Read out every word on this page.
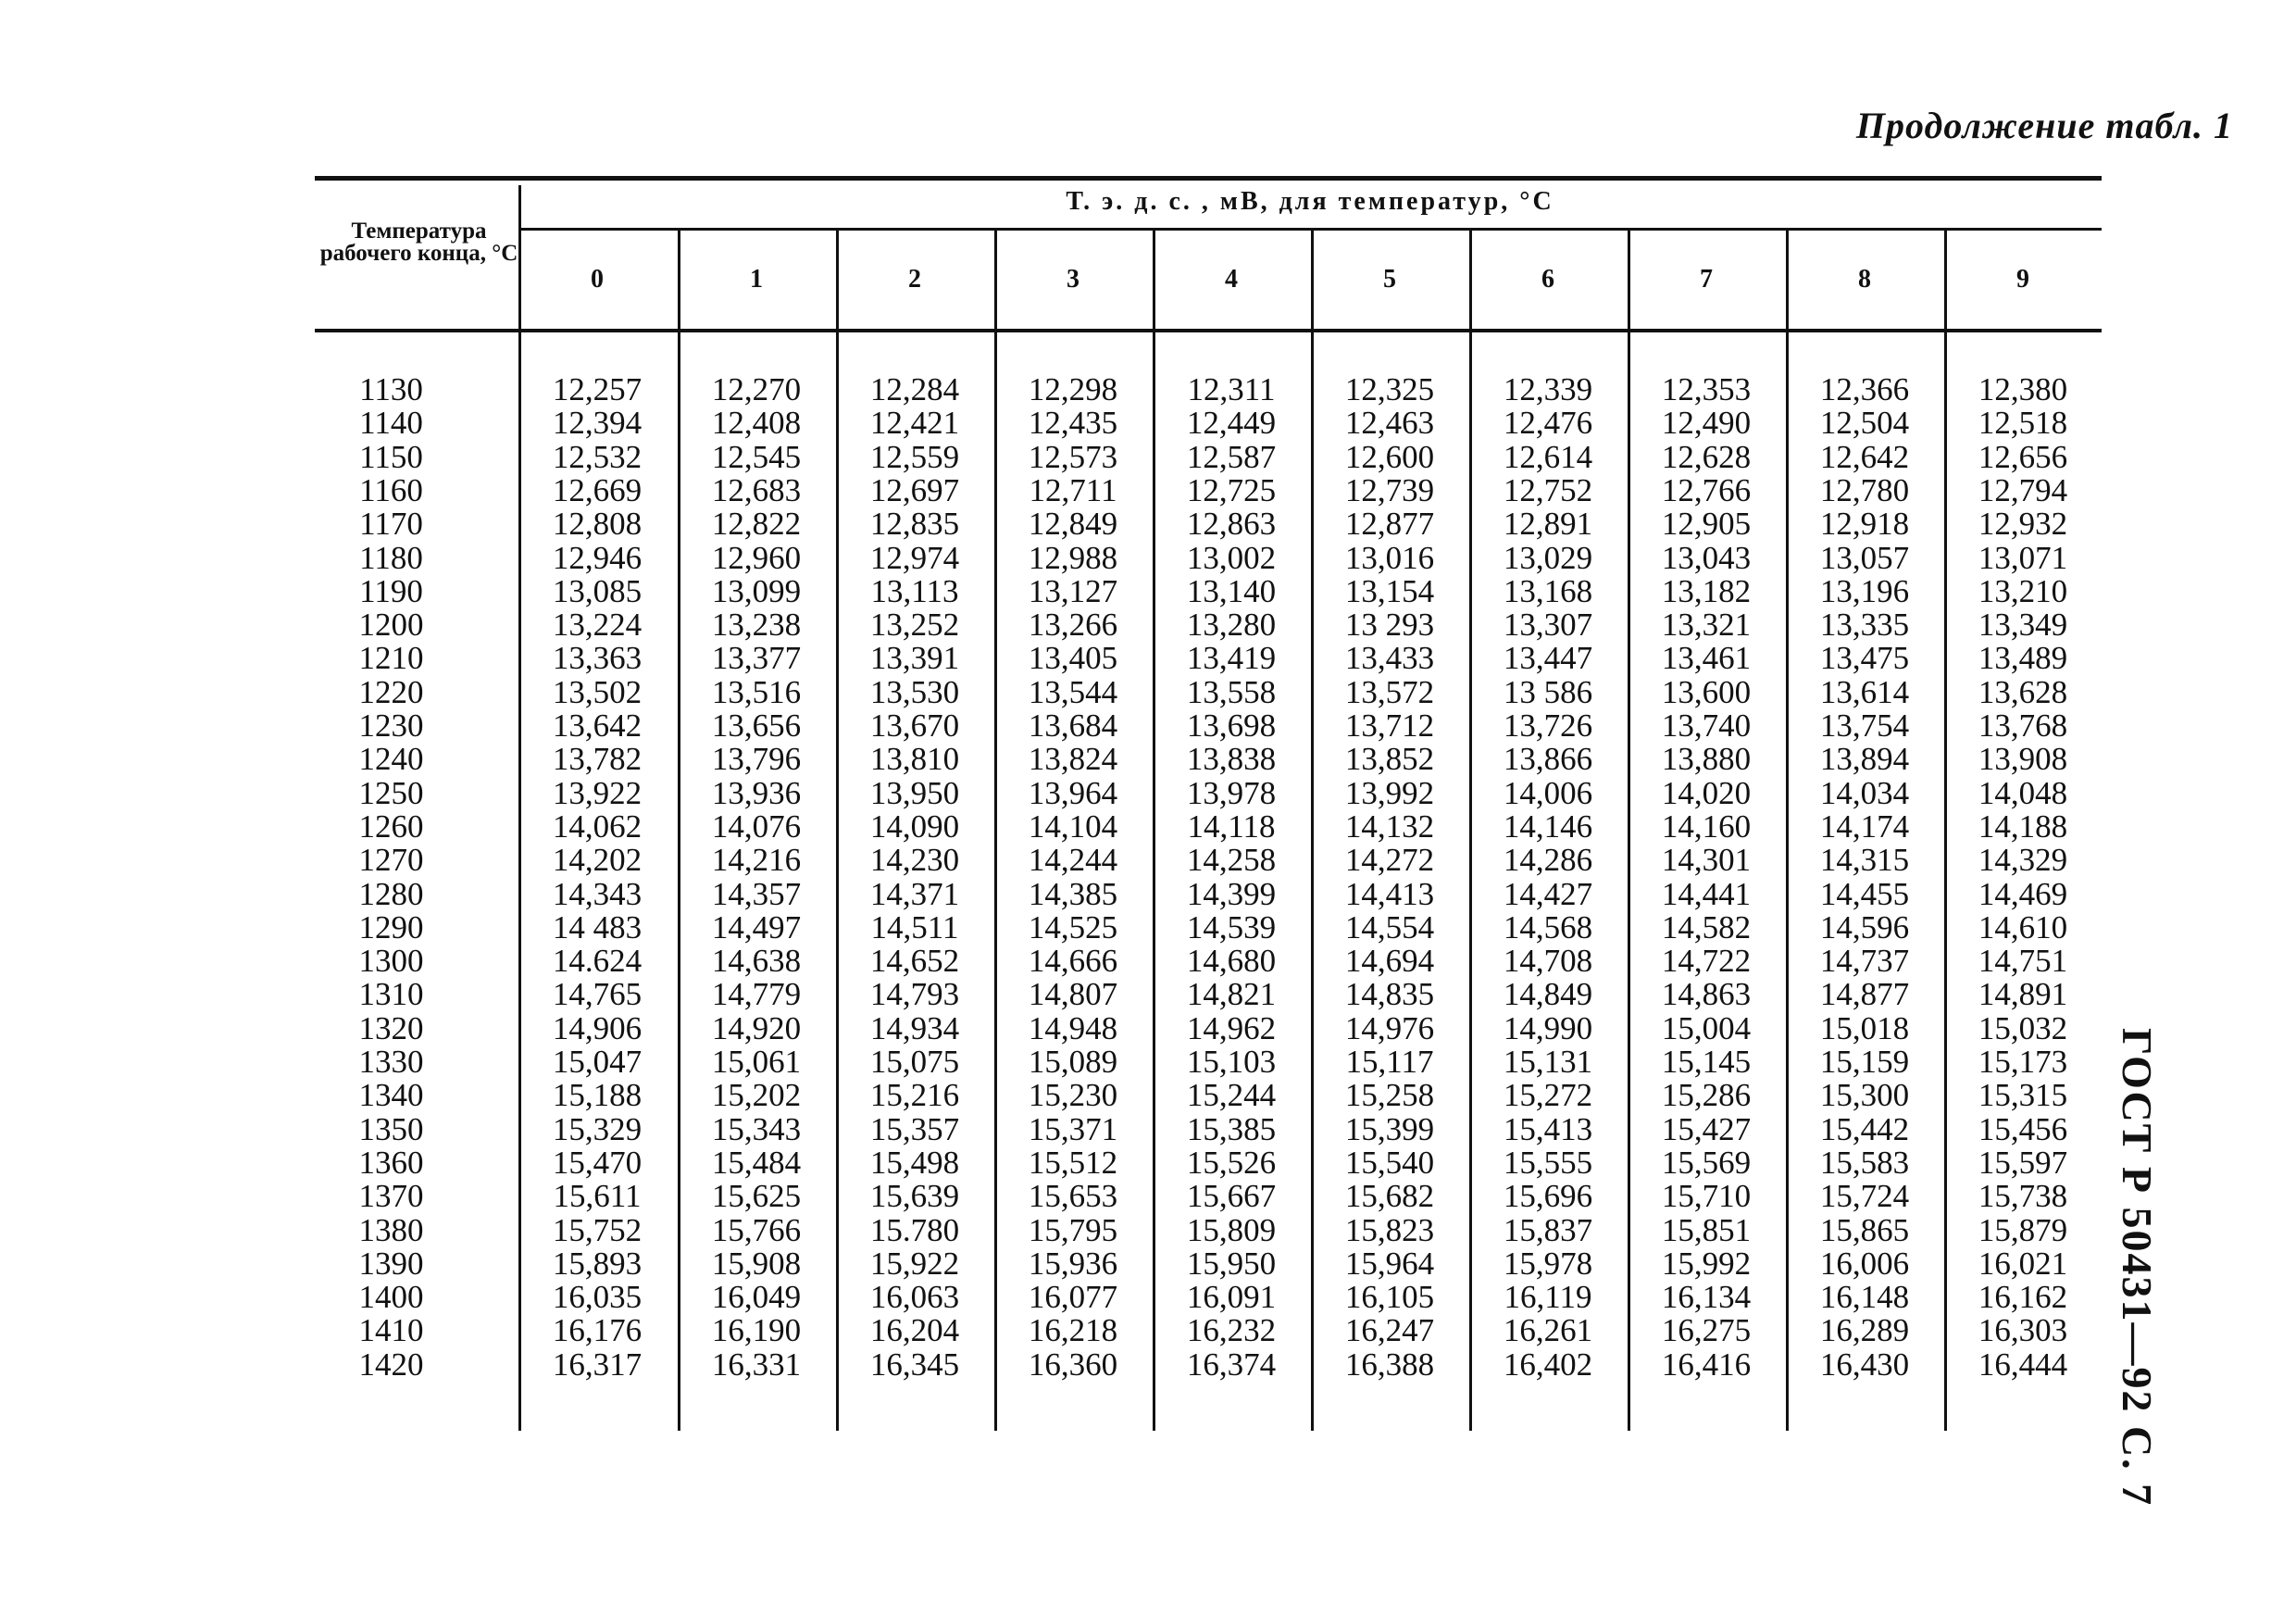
Продолжение табл. 1
ГОСТ Р 50431—92 С. 7
Температура рабочего конца, °С
Т. э. д. с. , мВ, для температур, °С
0	1	2	3	4	5	6	7	8	9
1130	12,257	12,270	12,284	12,298	12,311	12,325	12,339	12,353	12,366	12,380
1140	12,394	12,408	12,421	12,435	12,449	12,463	12,476	12,490	12,504	12,518
1150	12,532	12,545	12,559	12,573	12,587	12,600	12,614	12,628	12,642	12,656
1160	12,669	12,683	12,697	12,711	12,725	12,739	12,752	12,766	12,780	12,794
1170	12,808	12,822	12,835	12,849	12,863	12,877	12,891	12,905	12,918	12,932
1180	12,946	12,960	12,974	12,988	13,002	13,016	13,029	13,043	13,057	13,071
1190	13,085	13,099	13,113	13,127	13,140	13,154	13,168	13,182	13,196	13,210
1200	13,224	13,238	13,252	13,266	13,280	13 293	13,307	13,321	13,335	13,349
1210	13,363	13,377	13,391	13,405	13,419	13,433	13,447	13,461	13,475	13,489
1220	13,502	13,516	13,530	13,544	13,558	13,572	13 586	13,600	13,614	13,628
1230	13,642	13,656	13,670	13,684	13,698	13,712	13,726	13,740	13,754	13,768
1240	13,782	13,796	13,810	13,824	13,838	13,852	13,866	13,880	13,894	13,908
1250	13,922	13,936	13,950	13,964	13,978	13,992	14,006	14,020	14,034	14,048
1260	14,062	14,076	14,090	14,104	14,118	14,132	14,146	14,160	14,174	14,188
1270	14,202	14,216	14,230	14,244	14,258	14,272	14,286	14,301	14,315	14,329
1280	14,343	14,357	14,371	14,385	14,399	14,413	14,427	14,441	14,455	14,469
1290	14 483	14,497	14,511	14,525	14,539	14,554	14,568	14,582	14,596	14,610
1300	14.624	14,638	14,652	14,666	14,680	14,694	14,708	14,722	14,737	14,751
1310	14,765	14,779	14,793	14,807	14,821	14,835	14,849	14,863	14,877	14,891
1320	14,906	14,920	14,934	14,948	14,962	14,976	14,990	15,004	15,018	15,032
1330	15,047	15,061	15,075	15,089	15,103	15,117	15,131	15,145	15,159	15,173
1340	15,188	15,202	15,216	15,230	15,244	15,258	15,272	15,286	15,300	15,315
1350	15,329	15,343	15,357	15,371	15,385	15,399	15,413	15,427	15,442	15,456
1360	15,470	15,484	15,498	15,512	15,526	15,540	15,555	15,569	15,583	15,597
1370	15,611	15,625	15,639	15,653	15,667	15,682	15,696	15,710	15,724	15,738
1380	15,752	15,766	15.780	15,795	15,809	15,823	15,837	15,851	15,865	15,879
1390	15,893	15,908	15,922	15,936	15,950	15,964	15,978	15,992	16,006	16,021
1400	16,035	16,049	16,063	16,077	16,091	16,105	16,119	16,134	16,148	16,162
1410	16,176	16,190	16,204	16,218	16,232	16,247	16,261	16,275	16,289	16,303
1420	16,317	16,331	16,345	16,360	16,374	16,388	16,402	16,416	16,430	16,444
